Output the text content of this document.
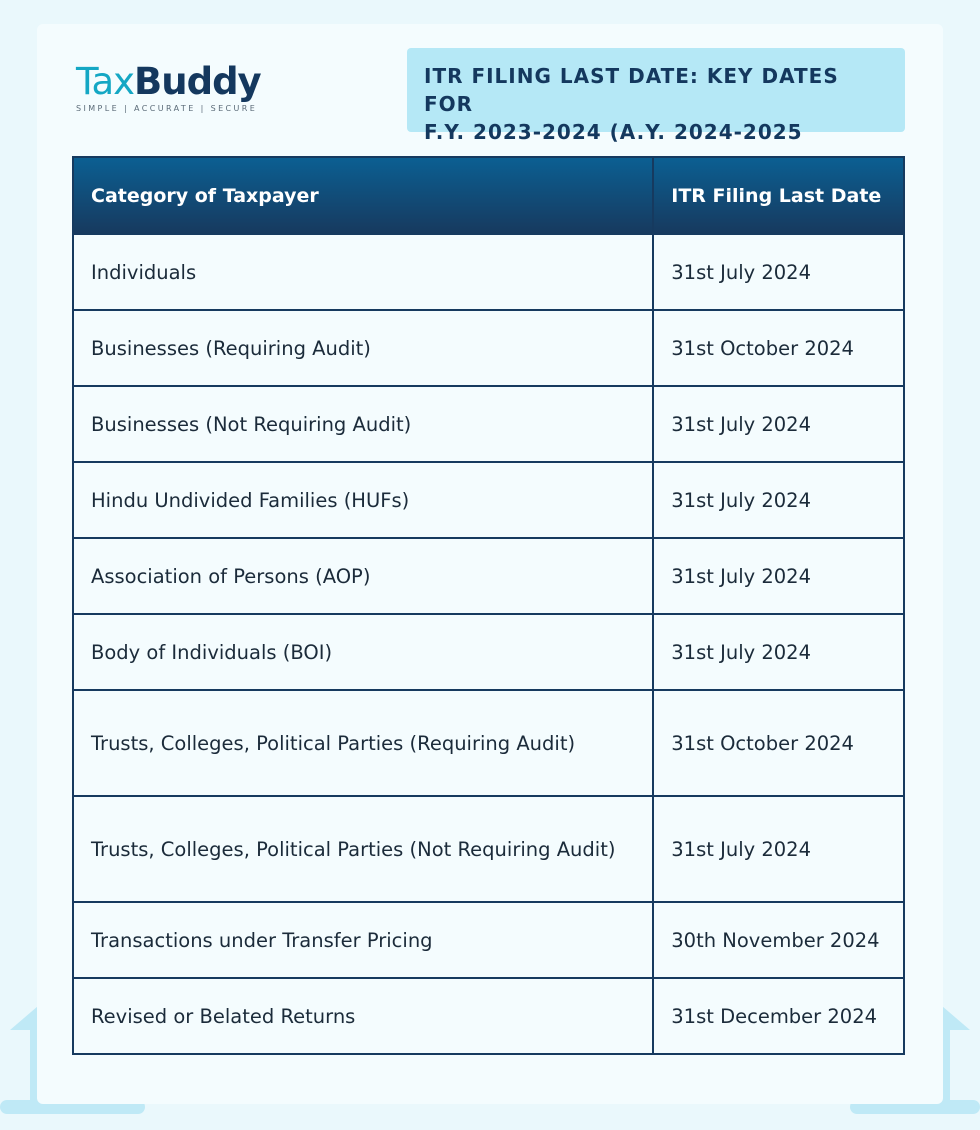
TaxBuddy
SIMPLE | ACCURATE | SECURE
ITR FILING LAST DATE: KEY DATES FOR
F.Y. 2023-2024 (A.Y. 2024-2025
Category of Taxpayer	ITR Filing Last Date
Individuals	31st July 2024
Businesses (Requiring Audit)	31st October 2024
Businesses (Not Requiring Audit)	31st July 2024
Hindu Undivided Families (HUFs)	31st July 2024
Association of Persons (AOP)	31st July 2024
Body of Individuals (BOI)	31st July 2024
Trusts, Colleges, Political Parties (Requiring Audit)	31st October 2024
Trusts, Colleges, Political Parties (Not Requiring Audit)	31st July 2024
Transactions under Transfer Pricing	30th November 2024
Revised or Belated Returns	31st December 2024
